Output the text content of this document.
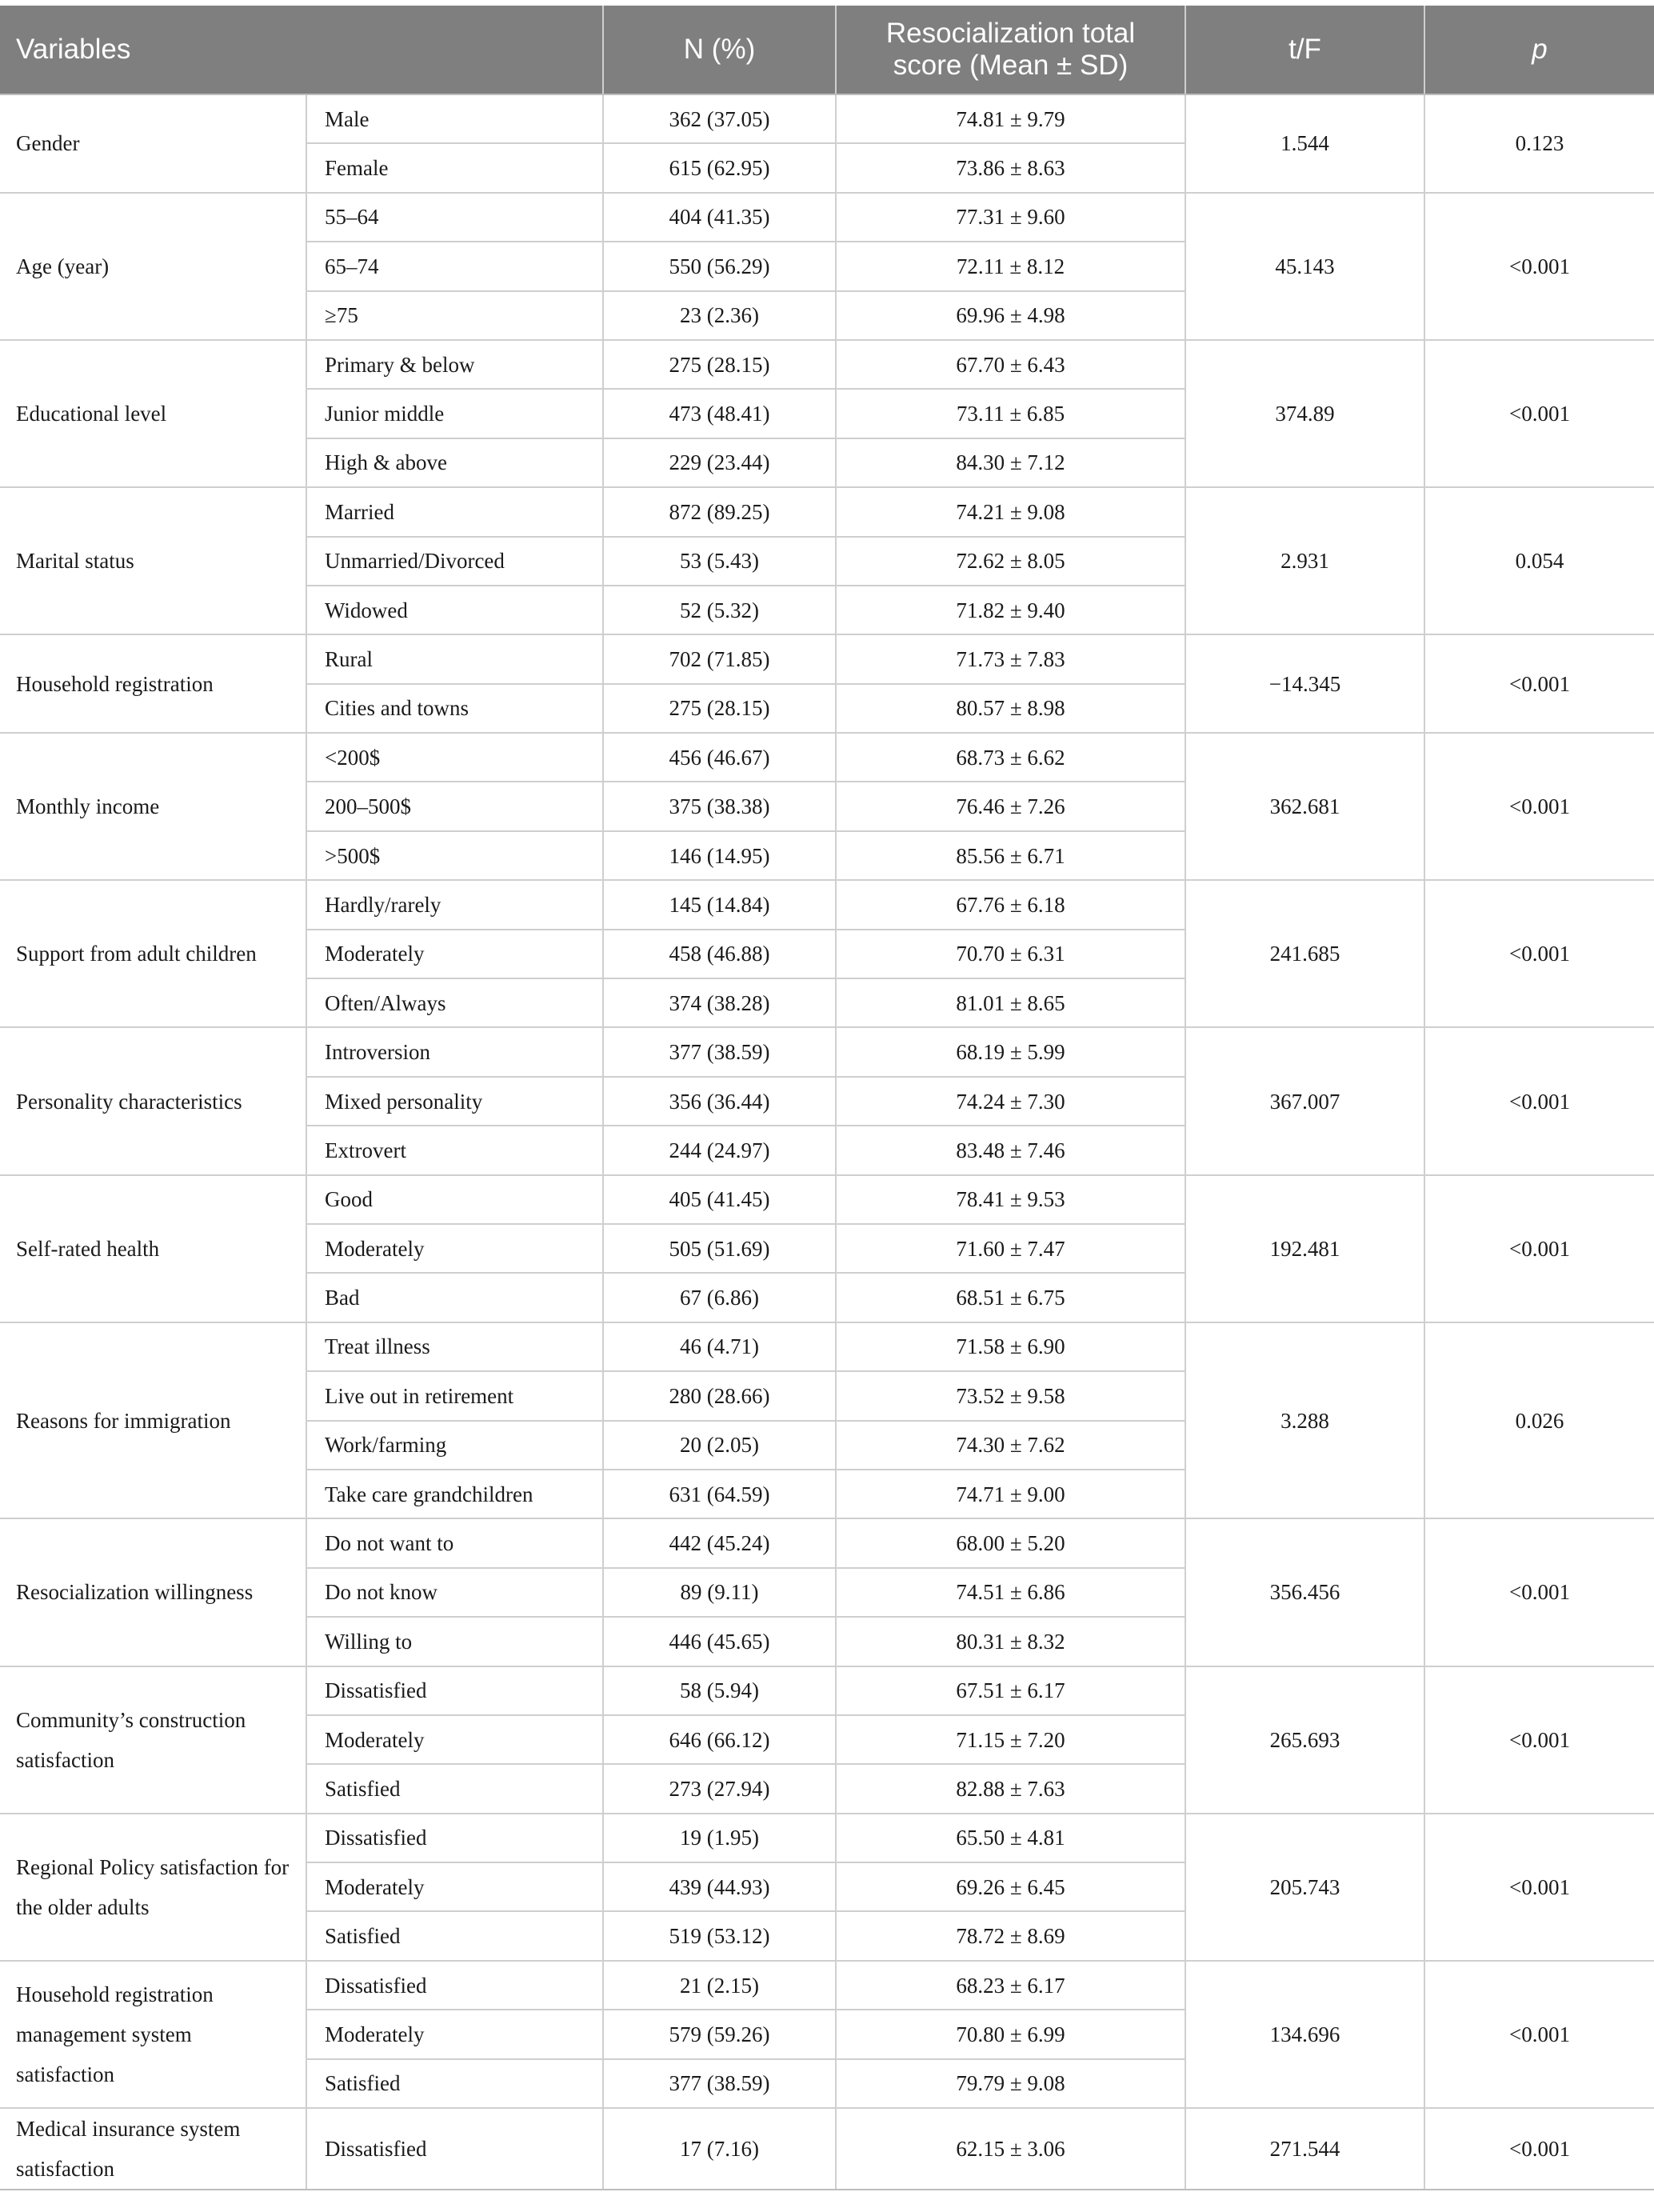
Variables		N (%)	Resocialization total score (Mean ± SD)	t/F	p
Gender	Male	362 (37.05)	74.81 ± 9.79	1.544	0.123
	Female	615 (62.95)	73.86 ± 8.63		
Age (year)	55–64	404 (41.35)	77.31 ± 9.60	45.143	<0.001
	65–74	550 (56.29)	72.11 ± 8.12		
	≥75	23 (2.36)	69.96 ± 4.98		
Educational level	Primary & below	275 (28.15)	67.70 ± 6.43	374.89	<0.001
	Junior middle	473 (48.41)	73.11 ± 6.85		
	High & above	229 (23.44)	84.30 ± 7.12		
Marital status	Married	872 (89.25)	74.21 ± 9.08	2.931	0.054
	Unmarried/Divorced	53 (5.43)	72.62 ± 8.05		
	Widowed	52 (5.32)	71.82 ± 9.40		
Household registration	Rural	702 (71.85)	71.73 ± 7.83	−14.345	<0.001
	Cities and towns	275 (28.15)	80.57 ± 8.98		
Monthly income	<200$	456 (46.67)	68.73 ± 6.62	362.681	<0.001
	200–500$	375 (38.38)	76.46 ± 7.26		
	>500$	146 (14.95)	85.56 ± 6.71		
Support from adult children	Hardly/rarely	145 (14.84)	67.76 ± 6.18	241.685	<0.001
	Moderately	458 (46.88)	70.70 ± 6.31		
	Often/Always	374 (38.28)	81.01 ± 8.65		
Personality characteristics	Introversion	377 (38.59)	68.19 ± 5.99	367.007	<0.001
	Mixed personality	356 (36.44)	74.24 ± 7.30		
	Extrovert	244 (24.97)	83.48 ± 7.46		
Self-rated health	Good	405 (41.45)	78.41 ± 9.53	192.481	<0.001
	Moderately	505 (51.69)	71.60 ± 7.47		
	Bad	67 (6.86)	68.51 ± 6.75		
Reasons for immigration	Treat illness	46 (4.71)	71.58 ± 6.90	3.288	0.026
	Live out in retirement	280 (28.66)	73.52 ± 9.58		
	Work/farming	20 (2.05)	74.30 ± 7.62		
	Take care grandchildren	631 (64.59)	74.71 ± 9.00		
Resocialization willingness	Do not want to	442 (45.24)	68.00 ± 5.20	356.456	<0.001
	Do not know	89 (9.11)	74.51 ± 6.86		
	Willing to	446 (45.65)	80.31 ± 8.32		
Community’s construction satisfaction	Dissatisfied	58 (5.94)	67.51 ± 6.17	265.693	<0.001
	Moderately	646 (66.12)	71.15 ± 7.20		
	Satisfied	273 (27.94)	82.88 ± 7.63		
Regional Policy satisfaction for the older adults	Dissatisfied	19 (1.95)	65.50 ± 4.81	205.743	<0.001
	Moderately	439 (44.93)	69.26 ± 6.45		
	Satisfied	519 (53.12)	78.72 ± 8.69		
Household registration management system satisfaction	Dissatisfied	21 (2.15)	68.23 ± 6.17	134.696	<0.001
	Moderately	579 (59.26)	70.80 ± 6.99		
	Satisfied	377 (38.59)	79.79 ± 9.08		
Medical insurance system satisfaction	Dissatisfied	17 (7.16)	62.15 ± 3.06	271.544	<0.001
